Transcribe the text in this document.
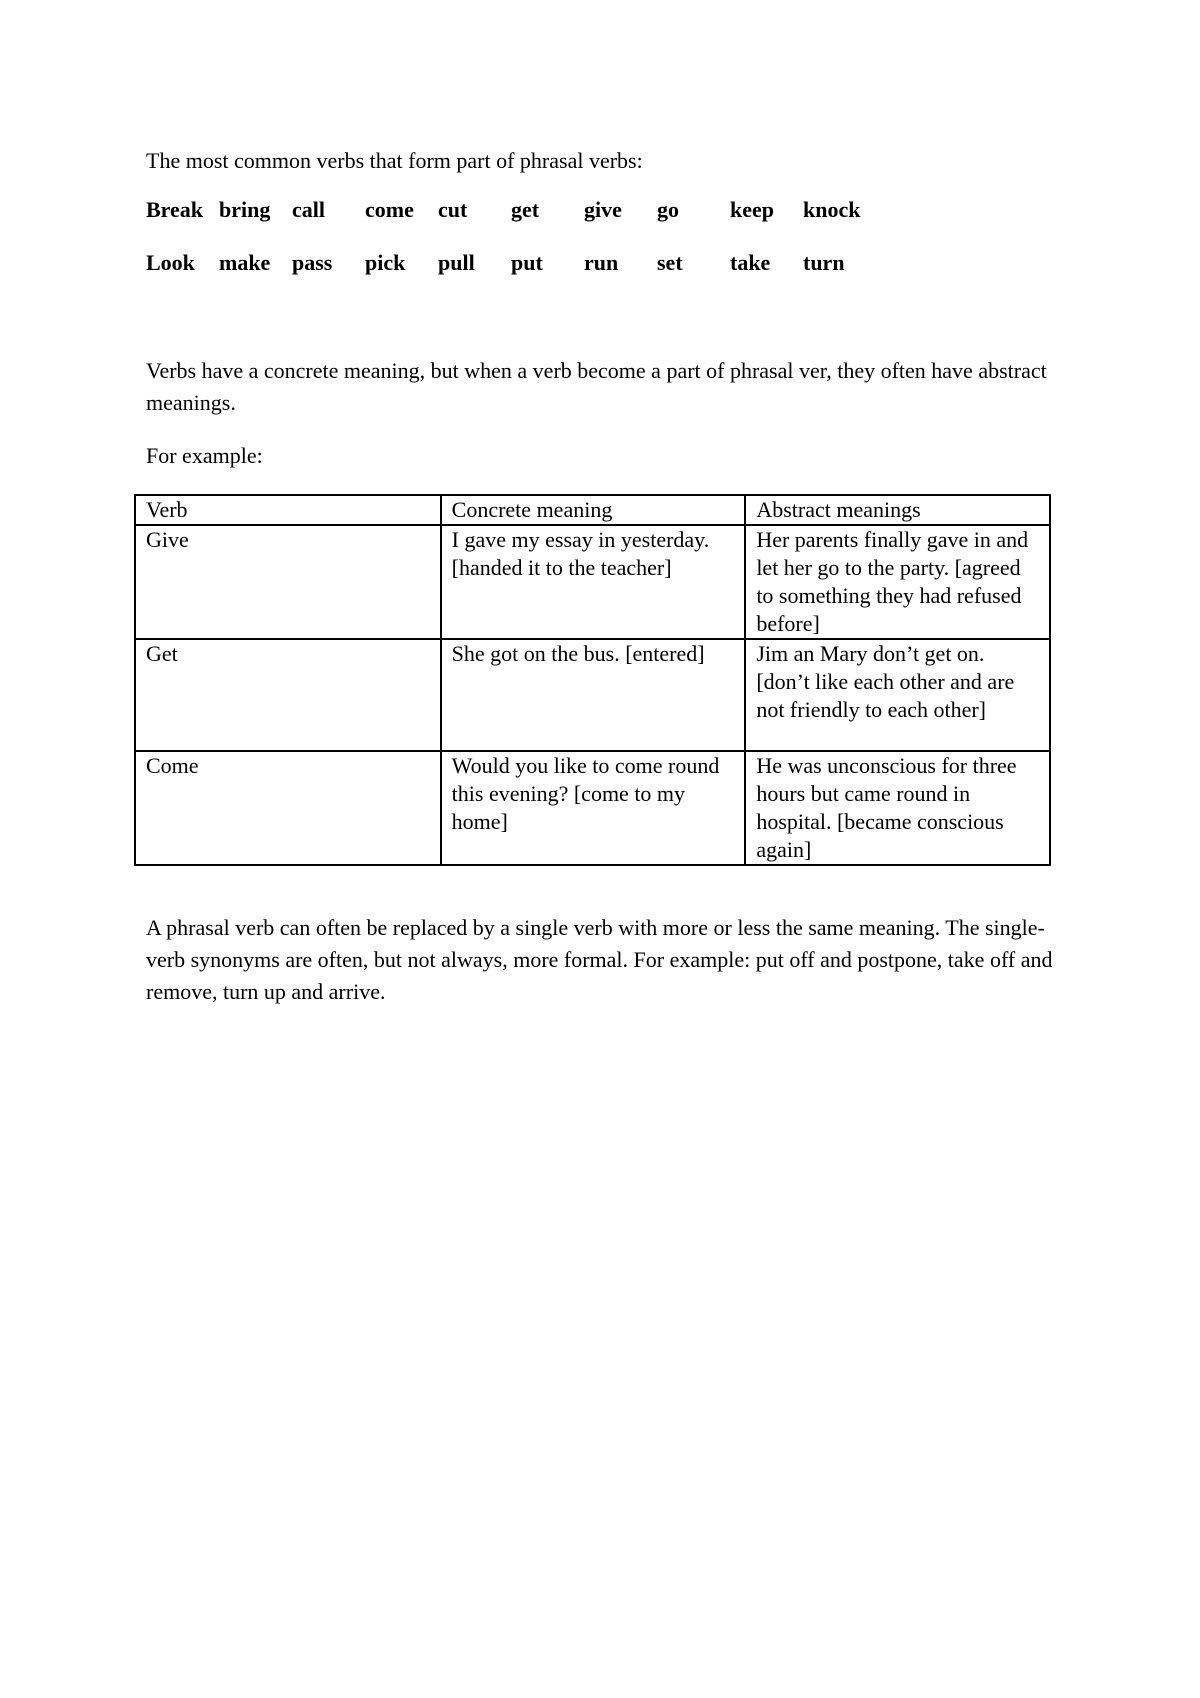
The most common verbs that form part of phrasal verbs:

Break bring call come cut get give go keep knock
Look make pass pick pull put run set take turn

Verbs have a concrete meaning, but when a verb become a part of phrasal ver, they often have abstract meanings.

For example:

Verb	Concrete meaning	Abstract meanings
Give	I gave my essay in yesterday. [handed it to the teacher]	Her parents finally gave in and let her go to the party. [agreed to something they had refused before]
Get	She got on the bus. [entered]	Jim an Mary don’t get on. [don’t like each other and are not friendly to each other]
Come	Would you like to come round this evening? [come to my home]	He was unconscious for three hours but came round in hospital. [became conscious again]

A phrasal verb can often be replaced by a single verb with more or less the same meaning. The single-verb synonyms are often, but not always, more formal. For example: put off and postpone, take off and remove, turn up and arrive.
